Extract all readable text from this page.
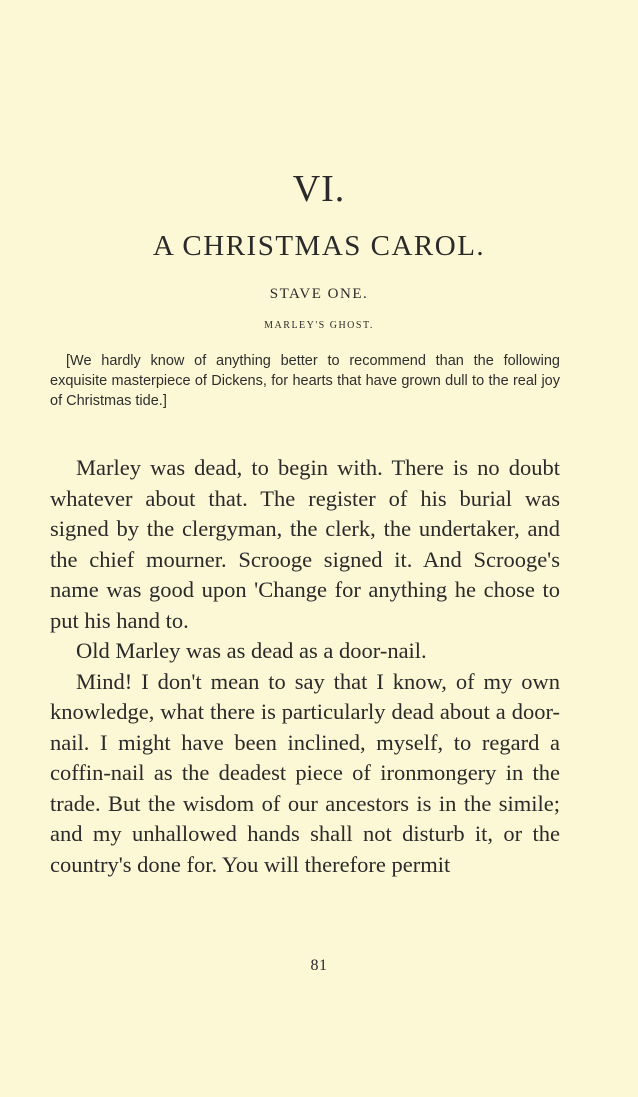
VI.
A CHRISTMAS CAROL.
STAVE ONE.
MARLEY'S GHOST.
[We hardly know of anything better to recommend than the following exquisite masterpiece of Dickens, for hearts that have grown dull to the real joy of Christmas tide.]

Marley was dead, to begin with. There is no doubt whatever about that. The register of his burial was signed by the clergyman, the clerk, the undertaker, and the chief mourner. Scrooge signed it. And Scrooge's name was good upon 'Change for anything he chose to put his hand to.

Old Marley was as dead as a door-nail.

Mind! I don't mean to say that I know, of my own knowledge, what there is particularly dead about a door-nail. I might have been inclined, myself, to regard a coffin-nail as the deadest piece of ironmongery in the trade. But the wisdom of our ancestors is in the simile; and my unhallowed hands shall not disturb it, or the country's done for. You will therefore permit

81
